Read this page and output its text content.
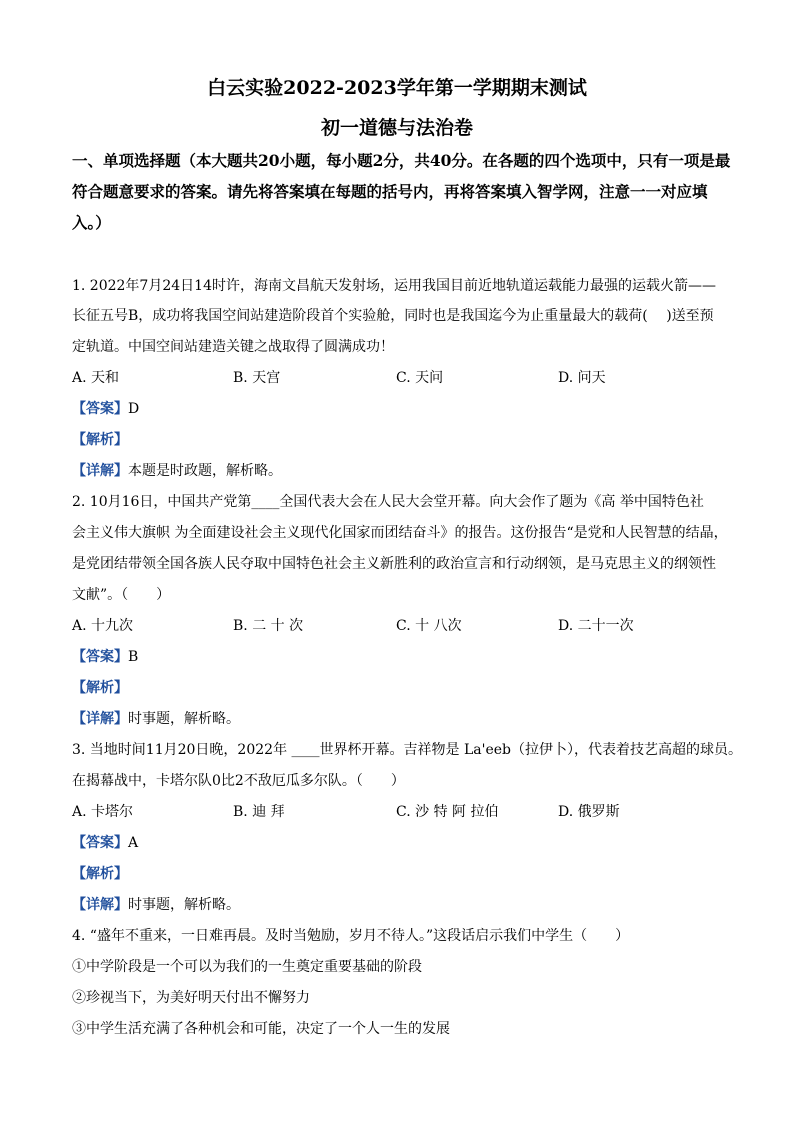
白云实验2022-2023学年第一学期期末测试
初一道德与法治卷
一、单项选择题（本大题共20小题，每小题2分，共40分。在各题的四个选项中，只有一项是最符合题意要求的答案。请先将答案填在每题的括号内，再将答案填入智学网，注意一一对应填入。）
1. 2022年7月24日14时许，海南文昌航天发射场，运用我国目前近地轨道运载能力最强的运载火箭——
长征五号B，成功将我国空间站建造阶段首个实验舱，同时也是我国迄今为止重量最大的载荷(　 )送至预
定轨道。中国空间站建造关键之战取得了圆满成功！
A. 天和	B. 天宫	C. 天问	D. 问天
【答案】D
【解析】
【详解】本题是时政题，解析略。
2. 10月16日，中国共产党第____全国代表大会在人民大会堂开幕。向大会作了题为《高 举中国特色社
会主义伟大旗帜 为全面建设社会主义现代化国家而团结奋斗》的报告。这份报告“是党和人民智慧的结晶，
是党团结带领全国各族人民夺取中国特色社会主义新胜利的政治宣言和行动纲领，是马克思主义的纲领性
文献”。（　　）
A. 十九次	B. 二 十 次	C. 十 八次	D. 二十一次
【答案】B
【解析】
【详解】时事题，解析略。
3. 当地时间11月20日晚，2022年 ____世界杯开幕。吉祥物是 La'eeb（拉伊卜），代表着技艺高超的球员。
在揭幕战中，卡塔尔队0比2不敌厄瓜多尔队。（　　）
A. 卡塔尔	B. 迪 拜	C. 沙 特 阿 拉伯	D. 俄罗斯
【答案】A
【解析】
【详解】时事题，解析略。
4. “盛年不重来，一日难再晨。及时当勉励，岁月不待人。”这段话启示我们中学生（　　）
①中学阶段是一个可以为我们的一生奠定重要基础的阶段
②珍视当下，为美好明天付出不懈努力
③中学生活充满了各种机会和可能，决定了一个人一生的发展
